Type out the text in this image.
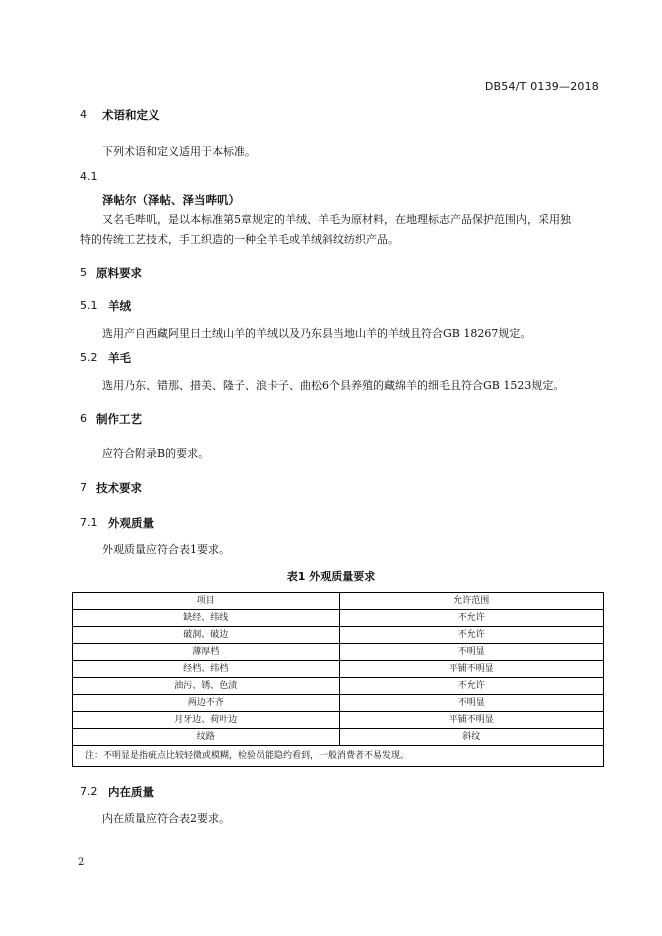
DB54/T 0139—2018
4 术语和定义
下列术语和定义适用于本标准。
4.1
泽帖尔（泽帖、泽当哔叽）
又名毛哔叽，是以本标准第5章规定的羊绒、羊毛为原材料，在地理标志产品保护范围内，采用独
特的传统工艺技术，手工织造的一种全羊毛或羊绒斜纹纺织产品。
5 原料要求
5.1 羊绒
选用产自西藏阿里日土绒山羊的羊绒以及乃东县当地山羊的羊绒且符合GB 18267规定。
5.2 羊毛
选用乃东、错那、措美、隆子、浪卡子、曲松6个县养殖的藏绵羊的细毛且符合GB 1523规定。
6 制作工艺
应符合附录B的要求。
7 技术要求
7.1 外观质量
外观质量应符合表1要求。
表1 外观质量要求
项目	允许范围
缺经、纬线	不允许
破洞、破边	不允许
薄厚档	不明显
经档、纬档	平铺不明显
油污、锈、色渍	不允许
两边不齐	不明显
月牙边、荷叶边	平铺不明显
纹路	斜纹
注：不明显是指疵点比较轻微或模糊，检验员能隐约看到，一般消费者不易发现。	
7.2 内在质量
内在质量应符合表2要求。
2
